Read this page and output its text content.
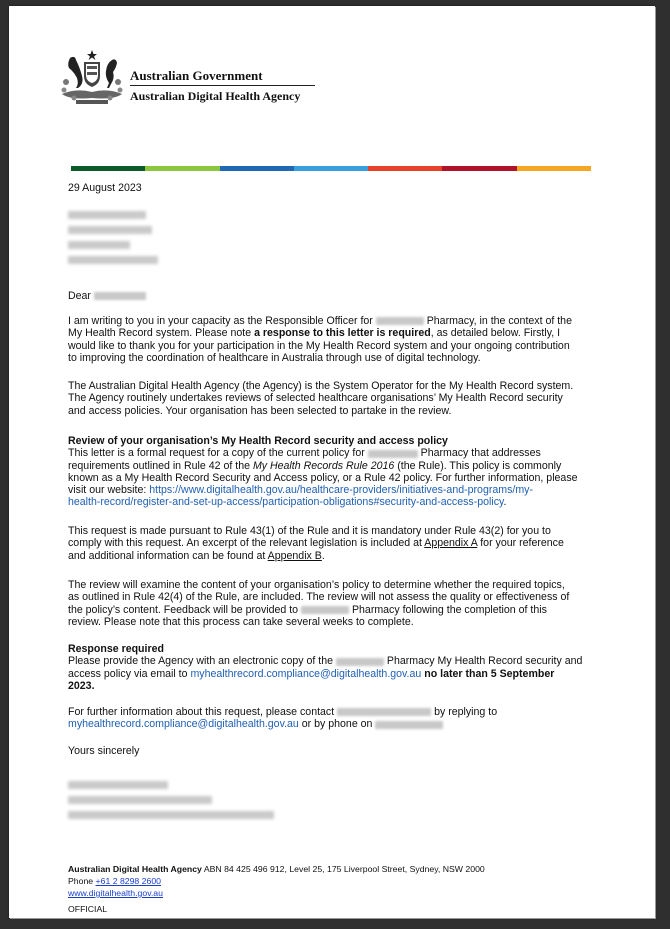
Australian Government
Australian Digital Health Agency
29 August 2023
Dear
I am writing to you in your capacity as the Responsible Officer for	Pharmacy, in the context of the
My Health Record system. Please note a response to this letter is required, as detailed below. Firstly, I
would like to thank you for your participation in the My Health Record system and your ongoing contribution
to improving the coordination of healthcare in Australia through use of digital technology.
The Australian Digital Health Agency (the Agency) is the System Operator for the My Health Record system.
The Agency routinely undertakes reviews of selected healthcare organisations’ My Health Record security
and access policies. Your organisation has been selected to partake in the review.
Review of your organisation’s My Health Record security and access policy
This letter is a formal request for a copy of the current policy for	Pharmacy that addresses
requirements outlined in Rule 42 of the My Health Records Rule 2016 (the Rule). This policy is commonly
known as a My Health Record Security and Access policy, or a Rule 42 policy. For further information, please
visit our website: https://www.digitalhealth.gov.au/healthcare-providers/initiatives-and-programs/my-
health-record/register-and-set-up-access/participation-obligations#security-and-access-policy.
This request is made pursuant to Rule 43(1) of the Rule and it is mandatory under Rule 43(2) for you to
comply with this request. An excerpt of the relevant legislation is included at Appendix A for your reference
and additional information can be found at Appendix B.
The review will examine the content of your organisation’s policy to determine whether the required topics,
as outlined in Rule 42(4) of the Rule, are included. The review will not assess the quality or effectiveness of
the policy’s content. Feedback will be provided to	Pharmacy following the completion of this
review. Please note that this process can take several weeks to complete.
Response required
Please provide the Agency with an electronic copy of the	Pharmacy My Health Record security and
access policy via email to myhealthrecord.compliance@digitalhealth.gov.au no later than 5 September
2023.
For further information about this request, please contact	by replying to
myhealthrecord.compliance@digitalhealth.gov.au or by phone on
Yours sincerely
Australian Digital Health Agency ABN 84 425 496 912, Level 25, 175 Liverpool Street, Sydney, NSW 2000
Phone +61 2 8298 2600
www.digitalhealth.gov.au
OFFICIAL
